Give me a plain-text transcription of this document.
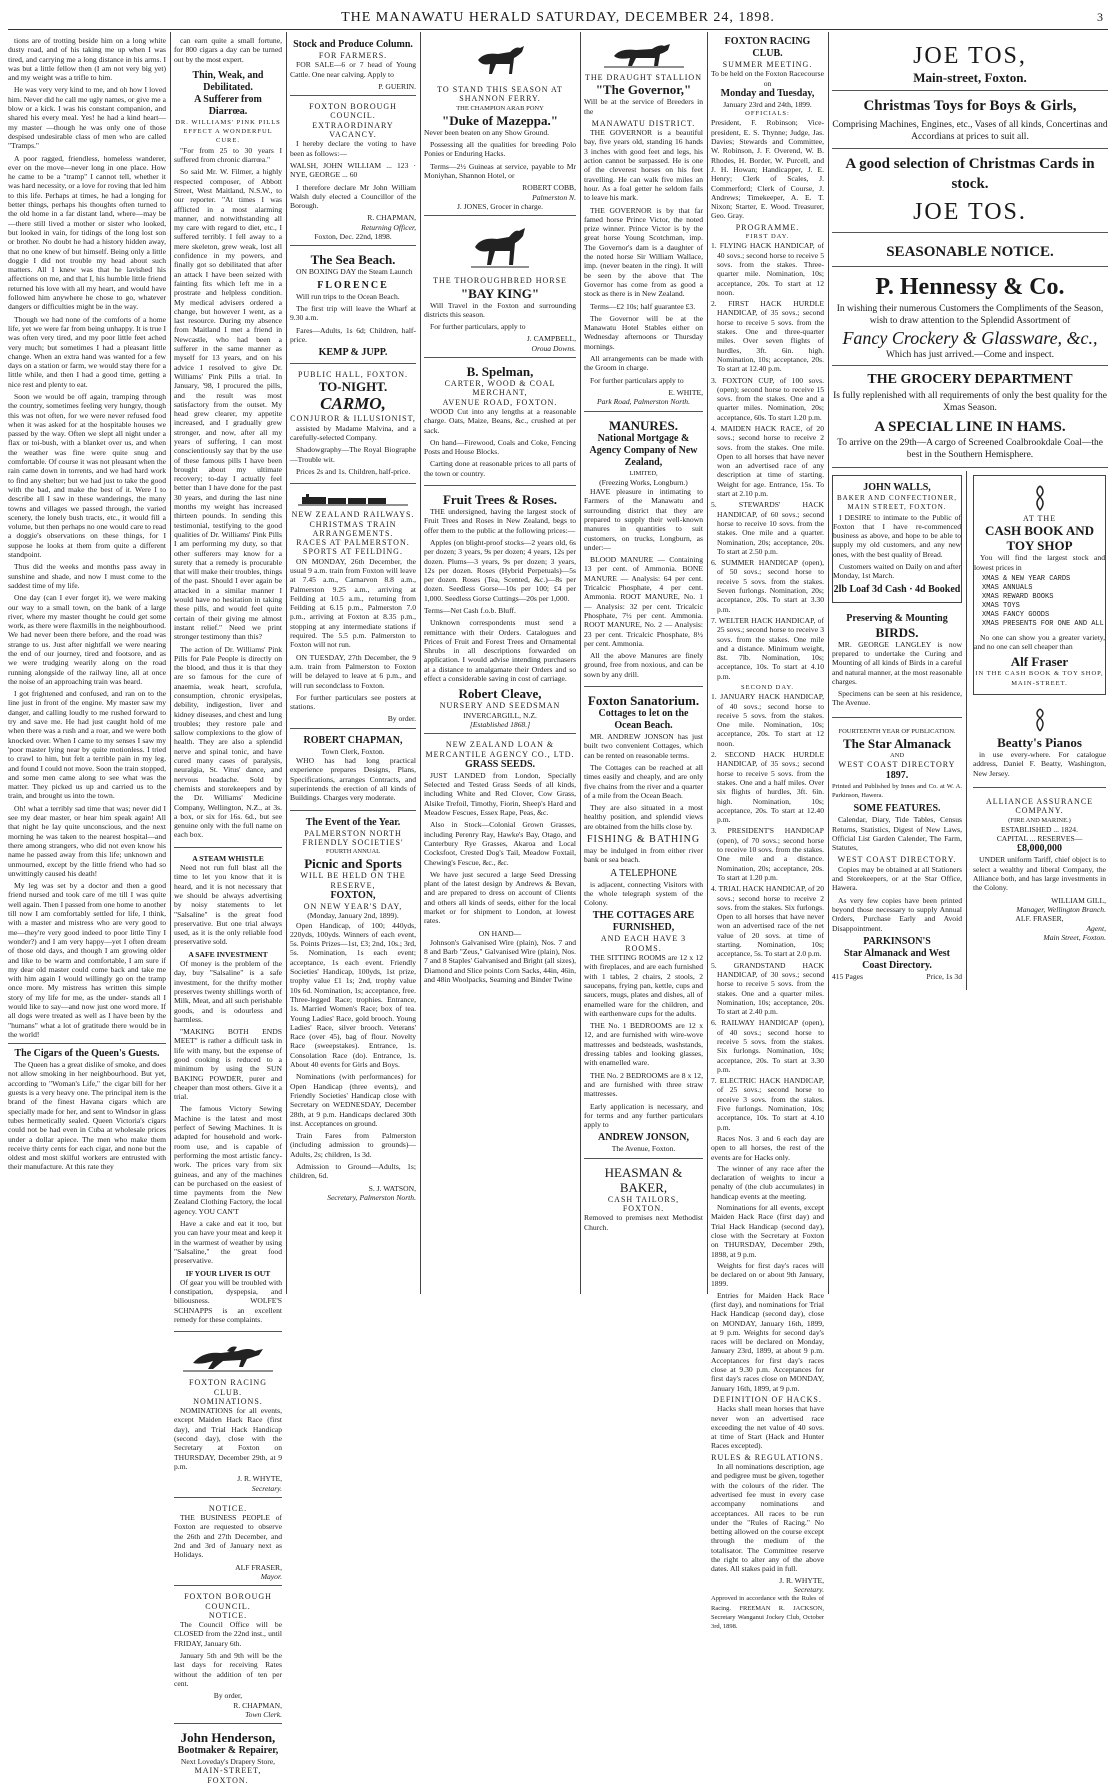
THE MANAWATU HERALD SATURDAY, DECEMBER 24, 1898.	3

tions are of trotting beside him on a long white dusty road, and of his taking me up when I was tired, and carrying me a long distance in his arms. I was but a little fellow then (I am not very big yet) and my weight was a trifle to him.

He was very very kind to me, and oh how I loved him. Never did he call me ugly names, or give me a blow or a kick. I was his constant companion, and shared his every meal. Yes! he had a kind heart—my master —though he was only one of those despised undesirable class of men who are called "Tramps."

A poor ragged, friendless, homeless wanderer, ever on the move—never long in one place. How he came to be a "tramp" I cannot tell, whether it was hard necessity, or a love for roving that led him to this life. Perhaps at times, he had a longing for better things, perhaps his thoughts often turned to the old home in a far distant land, where—may be—there still lived a mother or sister who looked, but looked in vain, for tidings of the long lost son or brother. No doubt he had a history hidden away, that no one knew of but himself. Being only a little doggie I did not trouble my head about such matters. All I knew was that he lavished his affections on me, and that I, his humble little friend returned his love with all my heart, and would have followed him anywhere he chose to go, whatever dangers or difficulties might be in the way.

Though we had none of the comforts of a home life, yet we were far from being unhappy. It is true I was often very tired, and my poor little feet ached very much; but sometimes I had a pleasant little change. When an extra hand was wanted for a few days on a station or farm, we would stay there for a little while, and then I had a good time, getting a nice rest and plenty to eat.

Soon we would be off again, tramping through the country, sometimes feeling very hungry, though this was not often, for we were never refused food when it was asked for at the hospitable houses we passed by the way. Often we slept all night under a flax or toi-bush, with a blanket over us, and when the weather was fine were quite snug and comfortable. Of course it was not pleasant when the rain came down in torrents, and we had hard work to find any shelter; but we had just to take the good with the bad, and make the best of it. Were I to describe all I saw in these wanderings, the many towns and villages we passed through, the varied scenery, the lonely bush tracts, etc., it would fill a volume, but then perhaps no one would care to read a doggie's observations on these things, for I suppose he looks at them from quite a different standpoint.

Thus did the weeks and months pass away in sunshine and shade, and now I must come to the saddest time of my life.

One day (can I ever forget it), we were making our way to a small town, on the bank of a large river, where my master thought he could get some work, as there were flaxmills in the neighbourhood. We had never been there before, and the road was strange to us. Just after nightfall we were nearing the end of our journey, tired and footsore, and as we were trudging wearily along on the road running alongside of the railway line, all at once the noise of an approaching train was heard.

I got frightened and confused, and ran on to the line just in front of the engine. My master saw my danger, and calling loudly to me rushed forward to try and save me. He had just caught hold of me when there was a rush and a roar, and we were both knocked over. When I came to my senses I saw my 'poor master lying near by quite motionless. I tried to crawl to him, but felt a terrible pain in my leg, and found I could not move. Soon the train stopped, and some men came along to see what was the matter. They picked us up and carried us to the train, and brought us into the town.

Oh! what a terribly sad time that was; never did I see my dear master, or hear him speak again! All that night he lay quite unconscious, and the next morning he was taken to the nearest hospital—and there among strangers, who did not even know his name he passed away from this life; unknown and unmourned, except by the little friend who had so unwittingly caused his death!

My leg was set by a doctor and then a good friend nursed and took care of me till I was quite well again. Then I passed from one home to another till now I am comfortably settled for life, I think, with a master and mistress who are very good to me—they're very good indeed to poor little Tiny I wonder?) and I am very happy—yet I often dream of those old days, and though I am growing older and like to be warm and comfortable, I am sure if my dear old master could come back and take me with him again I would willingly go on the tramp once more. My mistress has written this simple story of my life for me, as the under- stands all I would like to say—and now just one word more. If all dogs were treated as well as I have been by the "humans" what a lot of gratitude there would be in the world!

The Cigars of the Queen's Guests.

The Queen has a great dislike of smoke, and does not allow smoking in her neighbourhood. But yet, according to "Woman's Life," the cigar bill for her guests is a very heavy one. The principal item is the brand of the finest Havana cigars which are specially made for her, and sent to Windsor in glass tubes hermetically sealed. Queen Victoria's cigars could not be had even in Cuba at wholesale prices under a dollar apiece. The men who make them receive thirty cents for each cigar, and none but the oldest and most skilful workers are entrusted with their manufacture. At this rate they

can earn quite a small fortune, for 800 cigars a day can be turned out by the most expert.

Thin, Weak, and Debilitated.
A Sufferer from Diarrœa.
DR. WILLIAMS' PINK PILLS EFFECT A WONDERFUL CURE.

"For from 25 to 30 years I suffered from chronic diarrœa."

So said Mr. W. Filmer, a highly respected composer, of Abbott Street, West Maitland, N.S.W., to our reporter. "At times I was afflicted in a most alarming manner, and notwithstanding all my care with regard to diet, etc., I suffered terribly. I fell away to a mere skeleton, grew weak, lost all confidence in my powers, and finally got so debilitated that after an attack I have been seized with fainting fits which left me in a prostrate and helpless condition. My medical advisers ordered a change, but however I went, as a last resource. During my absence from Maitland I met a friend in Newcastle, who had been a sufferer in the same manner as myself for 13 years, and on his advice I resolved to give Dr. Williams' Pink Pills a trial. In January, '98, I procured the pills, and the result was most satisfactory from the outset. My head grew clearer, my appetite increased, and I gradually grew stronger, and now, after all my years of suffering, I can most conscientiously say that by the use of these famous pills I have been brought about my ultimate recovery; to-day I actually feel better than I have done for the past 30 years, and during the last nine months my weight has increased thirteen pounds. In sending this testimonial, testifying to the good qualities of Dr. Williams' Pink Pills I am performing my duty, so that other sufferers may know for a surety that a remedy is procurable that will make their troubles, things of the past. Should I ever again be attacked in a similar manner I would have no hesitation in taking these pills, and would feel quite certain of their giving me almost instant relief." Need we print stronger testimony than this?

The action of Dr. Williams' Pink Pills for Pale People is directly on the blood, and thus it is that they are so famous for the cure of anaemia, weak heart, scrofula, consumption, chronic erysipelas, debility, indigestion, liver and kidney diseases, and chest and lung troubles; they restore pale and sallow complexions to the glow of health. They are also a splendid nerve and spinal tonic, and have cured many cases of paralysis, neuralgia, St. Vitus' dance, and nervous headache. Sold by chemists and storekeepers and by the Dr. Williams' Medicine Company, Wellington, N.Z., at 3s. a box, or six for 16s. 6d., but see genuine only with the full name on each box.

A STEAM WHISTLE

Need not run full blast all the time to let you know that it is heard, and it is not necessary that we should be always advertising by noisy statements to let "Salsaline" is the great food preservative. But one trial always used, as it is the only reliable food preservative sold.

A SAFE INVESTMENT

Of money is the problem of the day, buy "Salsaline" is a safe investment, for the thrifty mother preserves twenty shillings worth of Milk, Meat, and all such perishable goods, and is odourless and harmless.

"MAKING BOTH ENDS MEET" is rather a difficult task in life with many, but the expense of good cooking is reduced to a minimum by using the SUN BAKING POWDER, purer and cheaper than most others. Give it a trial.

The famous Victory Sewing Machine is the latest and most perfect of Sewing Machines. It is adapted for household and work-room use, and is capable of performing the most artistic fancy-work. The prices vary from six guineas, and any of the machines can be purchased on the easiest of time payments from the New Zealand Clothing Factory, the local agency. YOU CAN'T

Have a cake and eat it too, but you can have your meat and keep it in the warmest of weather by using "Salsaline," the great food preservative.

IF YOUR LIVER IS OUT

Of gear you will be troubled with constipation, dyspepsia, and biliousness. WOLFE'S SCHNAPPS is an excellent remedy for these complaints.

FOXTON RACING CLUB.
NOMINATIONS.

NOMINATIONS for all events, except Maiden Hack Race (first day), and Trial Hack Handicap (second day), close with the Secretary at Foxton on THURSDAY, December 29th, at 9 p.m.

J. R. WHYTE,
Secretary.
NOTICE.

THE BUSINESS PEOPLE of Foxton are requested to observe the 26th and 27th December, and 2nd and 3rd of January next as Holidays.

ALF FRASER,
Mayor.
FOXTON BOROUGH COUNCIL.
NOTICE.

The Council Office will be CLOSED from the 22nd inst., until FRIDAY, January 6th.

January 5th and 9th will be the last days for receiving Rates without the addition of ten per cent.

By order,
R. CHAPMAN,
Town Clerk.
John Henderson,
Bootmaker & Repairer,
Next Loveday's Drapery Store,
MAIN-STREET, FOXTON.
Stock and Produce Column.
FOR FARMERS.

FOR SALE—6 or 7 head of Young Cattle. One near calving. Apply to

P. GUERIN.
FOXTON BOROUGH COUNCIL.
EXTRAORDINARY VACANCY.

I hereby declare the voting to have been as follows:—

WALSH, JOHN WILLIAM ... 123 · NYE, GEORGE ... 60

I therefore declare Mr John William Walsh duly elected a Councillor of the Borough.

R. CHAPMAN,
Returning Officer,
Foxton, Dec. 22nd, 1898.
The Sea Beach.

ON BOXING DAY the Steam Launch

FLORENCE

Will run trips to the Ocean Beach.

The first trip will leave the Wharf at 9.30 a.m.

Fares—Adults, 1s 6d; Children, half-price.

KEMP & JUPP.
PUBLIC HALL, FOXTON.
TO-NIGHT.
CARMO,
CONJUROR & ILLUSIONIST,

assisted by Madame Malvina, and a carefully-selected Company.

Shadowgraphy—The Royal Biographe —Trouble wit.

Prices 2s and 1s. Children, half-price.

NEW ZEALAND RAILWAYS.
CHRISTMAS TRAIN ARRANGEMENTS.
RACES AT PALMERSTON.
SPORTS AT FEILDING.

ON MONDAY, 26th December, the usual 9 a.m. train from Foxton will leave at 7.45 a.m., Carnarvon 8.8 a.m., Palmerston 9.25 a.m., arriving at Feilding at 10.5 a.m., returning from Feilding at 6.15 p.m., Palmerston 7.0 p.m., arriving at Foxton at 8.35 p.m., stopping at any intermediate stations if required. The 5.5 p.m. Palmerston to Foxton will not run.

ON TUESDAY, 27th December, the 9 a.m. train from Palmerston to Foxton will be delayed to leave at 6 p.m., and will run secondclass to Foxton.

For further particulars see posters at stations.

By order.
ROBERT CHAPMAN,
Town Clerk, Foxton.

WHO has had long practical experience prepares Designs, Plans, Specifications, arranges Contracts, and superintends the erection of all kinds of Buildings. Charges very moderate.

The Event of the Year.
PALMERSTON NORTH FRIENDLY SOCIETIES'
FOURTH ANNUAL
Picnic and Sports
WILL BE HELD ON THE RESERVE,
FOXTON,
ON NEW YEAR'S DAY,
(Monday, January 2nd, 1899).

Open Handicap, of 100; 440yds, 220yds, 100yds. Winners of each event, 5s. Points Prizes—1st, £3; 2nd, 10s.; 3rd, 5s. Nomination, 1s each event; acceptance, 1s each event. Friendly Societies' Handicap, 100yds, 1st prize, trophy value £1 1s; 2nd, trophy value 10s 6d. Nomination, 1s; acceptance, free. Three-legged Race; trophies. Entrance, 1s. Married Women's Race; box of tea. Young Ladies' Race, gold brooch. Young Ladies' Race, silver brooch. Veterans' Race (over 45), bag of flour. Novelty Race (sweepstakes). Entrance, 1s. Consolation Race (do). Entrance, 1s. About 40 events for Girls and Boys.

Nominations (with performances) for Open Handicap (three events), and Friendly Societies' Handicap close with Secretary on WEDNESDAY, December 28th, at 9 p.m. Handicaps declared 30th inst. Acceptances on ground.

Train Fares from Palmerston (including admission to grounds)—Adults, 2s; children, 1s 3d.

Admission to Ground—Adults, 1s; children, 6d.

S. J. WATSON,
Secretary, Palmerston North.
TO STAND THIS SEASON AT SHANNON FERRY.
THE CHAMPION ARAB PONY
"Duke of Mazeppa."

Never been beaten on any Show Ground.

Possessing all the qualities for breeding Polo Ponies or Enduring Hacks.

Terms—2½ Guineas at service, payable to Mr Moniyhan, Shannon Hotel, or

ROBERT COBB,
Palmerston N.
J. JONES, Grocer in charge.
THE THOROUGHBRED HORSE
"BAY KING"

Will Travel in the Foxton and surrounding districts this season.

For further particulars, apply to

J. CAMPBELL,
Oroua Downs.
B. Spelman,
CARTER, WOOD & COAL MERCHANT,
AVENUE ROAD, FOXTON.

WOOD Cut into any lengths at a reasonable charge. Oats, Maize, Beans, &c., crushed at per sack.

On hand—Firewood, Coals and Coke, Fencing Posts and House Blocks.

Carting done at reasonable prices to all parts of the town or country.

Fruit Trees & Roses.

THE undersigned, having the largest stock of Fruit Trees and Roses in New Zealand, begs to offer them to the public at the following prices:—

Apples (on blight-proof stocks—2 years old, 6s per dozen; 3 years, 9s per dozen; 4 years, 12s per dozen. Plums—3 years, 9s per dozen; 3 years, 12s per dozen. Roses (Hybrid Perpetuals)—5s per dozen. Roses (Tea, Scented, &c.)—8s per dozen. Seedless Gorse—10s per 100; £4 per 1,000. Seedless Gorse Cuttings—20s per 1,000.

Terms—Net Cash f.o.b. Bluff.

Unknown correspondents must send a remittance with their Orders. Catalogues and Prices of Fruit and Forest Trees and Ornamental Shrubs in all descriptions forwarded on application. I would advise intending purchasers at a distance to amalgamate their Orders and so effect a considerable saving in cost of carriage.

Robert Cleave,
NURSERY AND SEEDSMAN
INVERCARGILL, N.Z.
[Established 1868.]
NEW ZEALAND LOAN & MERCANTILE AGENCY CO., LTD.
GRASS SEEDS.

JUST LANDED from London, Specially Selected and Tested Grass Seeds of all kinds, including White and Red Clover, Cow Grass, Alsike Trefoil, Timothy, Fiorin, Sheep's Hard and Meadow Fescues, Essex Rape, Peas, &c.

Also in Stock—Colonial Grown Grasses, including Perenry Ray, Hawke's Bay, Otago, and Canterbury Rye Grasses, Akaroa and Local Cocksfoot, Crested Dog's Tail, Meadow Foxtail, Chewing's Fescue, &c., &c.

We have just secured a large Seed Dressing plant of the latest design by Andrews & Bevan, and are prepared to dress on account of Clients and others all kinds of seeds, either for the local market or for shipment to London, at lowest rates.

ON HAND—

Johnson's Galvanised Wire (plain), Nos. 7 and 8 and Barb "Zeus," Galvanised Wire (plain), Nos. 7 and 8 Staples' Galvanised and Bright (all sizes), Diamond and Slice points Corn Sacks, 44in, 46in, and 48in Woolpacks, Seaming and Binder Twine

THE DRAUGHT STALLION
"The Governor,"

Will be at the service of Breeders in the

MANAWATU DISTRICT.

THE GOVERNOR is a beautiful bay, five years old, standing 16 hands 3 inches with good feet and legs, his action cannot be surpassed. He is one of the cleverest horses on his feet travelling. He can walk five miles an hour. As a foal getter he seldom fails to leave his mark.

THE GOVERNOR is by that far famed horse Prince Victor, the noted prize winner. Prince Victor is by the great horse Young Scotchman, imp. The Governor's dam is a daughter of the noted horse Sir William Wallace, imp. (never beaten in the ring). It will be seen by the above that The Governor has come from as good a stock as there is in New Zealand.

Terms—£2 10s; half guarantee £3.

The Governor will be at the Manawatu Hotel Stables either on Wednesday afternoons or Thursday mornings.

All arrangements can be made with the Groom in charge.

For further particulars apply to

E. WHITE,
Park Road, Palmerston North.
MANURES.
National Mortgage & Agency Company of New Zealand,
LIMITED,
(Freezing Works, Longburn.)

HAVE pleasure in intimating to Farmers of the Manawatu and surrounding district that they are prepared to supply their well-known manures in quantities to suit customers, on trucks, Longburn, as under:—

BLOOD MANURE — Containing 13 per cent. of Ammonia. BONE MANURE — Analysis: 64 per cent. Tricalcic Phosphate, 4 per cent. Ammonia. ROOT MANURE, No. 1 — Analysis: 32 per cent. Tricalcic Phosphate, 7½ per cent. Ammonia. ROOT MANURE, No. 2 — Analysis: 23 per cent. Tricalcic Phosphate, 8½ per cent. Ammonia.

All the above Manures are finely ground, free from noxious, and can be sown by any drill.

Foxton Sanatorium.
Cottages to let on the Ocean Beach.

MR. ANDREW JONSON has just built two convenient Cottages, which can be rented on reasonable terms.

The Cottages can be reached at all times easily and cheaply, and are only five chains from the river and a quarter of a mile from the Ocean Beach.

They are also situated in a most healthy position, and splendid views are obtained from the hills close by.

FISHING & BATHING

may be indulged in from either river bank or sea beach.

A TELEPHONE

is adjacent, connecting Visitors with the whole telegraph system of the Colony.

THE COTTAGES ARE FURNISHED,
AND EACH HAVE 3 ROOMS.

THE SITTING ROOMS are 12 x 12 with fireplaces, and are each furnished with 1 tables, 2 chairs, 2 stools, 2 saucepans, frying pan, kettle, cups and saucers, mugs, plates and dishes, all of enamelled ware for the children, and with earthenware cups for the adults.

THE No. 1 BEDROOMS are 12 x 12, and are furnished with wire-wove mattresses and bedsteads, washstands, dressing tables and looking glasses, with enamelled ware.

THE No. 2 BEDROOMS are 8 x 12, and are furnished with three straw mattresses.

Early application is necessary, and for terms and any further particulars apply to

ANDREW JONSON,
The Avenue, Foxton.
HEASMAN & BAKER,
CASH TAILORS,
FOXTON.

Removed to premises next Methodist Church.

FOXTON RACING CLUB.
SUMMER MEETING.
To be held on the Foxton Racecourse on
Monday and Tuesday,
January 23rd and 24th, 1899.
OFFICIALS:

President, F. Robinson; Vice-president, E. S. Thynne; Judge, Jas. Davies; Stewards and Committee, W. Robinson, J. F. Overend, W. B. Rhodes, H. Border, W. Purcell, and J. H. Howan; Handicapper, J. E. Henry; Clerk of Scales, J. Commerford; Clerk of Course, J. Andrews; Timekeeper, A. E. T. Nixon; Starter, E. Wood. Treasurer, Geo. Gray.

PROGRAMME.
FIRST DAY.

1. FLYING HACK HANDICAP, of 40 sovs.; second horse to receive 5 sovs. from the stakes. Three-quarter mile. Nomination, 10s; acceptance, 20s. To start at 12 noon.

2. FIRST HACK HURDLE HANDICAP, of 35 sovs.; second horse to receive 5 sovs. from the stakes. One and three-quarter miles. Over seven flights of hurdles, 3ft. 6in. high. Nomination, 10s; acceptance, 20s. To start at 12.40 p.m.

3. FOXTON CUP, of 100 sovs. (open); second horse to receive 15 sovs. from the stakes. One and a quarter miles. Nomination, 20s; acceptance, 60s. To start 1.20 p.m.

4. MAIDEN HACK RACE, of 20 sovs.; second horse to receive 2 sovs. from the stakes. One mile. Open to all horses that have never won an advertised race of any description at time of starting. Weight for age. Entrance, 15s. To start at 2.10 p.m.

5. STEWARDS' HACK HANDICAP, of 60 sovs.; second horse to receive 10 sovs. from the stakes. One mile and a quarter. Nomination, 20s; acceptance, 20s. To start at 2.50 p.m.

6. SUMMER HANDICAP (open), of 50 sovs.; second horse to receive 5 sovs. from the stakes. Seven furlongs. Nomination, 20s; acceptance, 20s. To start at 3.30 p.m.

7. WELTER HACK HANDICAP, of 25 sovs.; second horse to receive 3 sovs. from the stakes. One mile and a distance. Minimum weight, 8st. 7lb. Nomination, 10s; acceptance, 10s. To start at 4.10 p.m.

SECOND DAY.

1. JANUARY HACK HANDICAP, of 40 sovs.; second horse to receive 5 sovs. from the stakes. One mile. Nomination, 10s; acceptance, 20s. To start at 12 noon.

2. SECOND HACK HURDLE HANDICAP, of 35 sovs.; second horse to receive 5 sovs. from the stakes. One and a half miles. Over six flights of hurdles, 3ft. 6in. high. Nomination, 10s; acceptance, 20s. To start at 12.40 p.m.

3. PRESIDENT'S HANDICAP (open), of 70 sovs.; second horse to receive 10 sovs. from the stakes. One mile and a distance. Nomination, 20s; acceptance, 20s. To start at 1.20 p.m.

4. TRIAL HACK HANDICAP, of 20 sovs.; second horse to receive 2 sovs. from the stakes. Six furlongs. Open to all horses that have never won an advertised race of the net value of 20 sovs. at time of starting. Nomination, 10s; acceptance, 5s. To start at 2.0 p.m.

5. GRANDSTAND HACK HANDICAP, of 30 sovs.; second horse to receive 5 sovs. from the stakes. One and a quarter miles. Nomination, 10s; acceptance, 20s. To start at 2.40 p.m.

6. RAILWAY HANDICAP (open), of 40 sovs.; second horse to receive 5 sovs. from the stakes. Six furlongs. Nomination, 10s; acceptance, 20s. To start at 3.30 p.m.

7. ELECTRIC HACK HANDICAP, of 25 sovs.; second horse to receive 3 sovs. from the stakes. Five furlongs. Nomination, 10s; acceptance, 10s. To start at 4.10 p.m.

Races Nos. 3 and 6 each day are open to all horses, the rest of the events are for Hacks only.

The winner of any race after the declaration of weights to incur a penalty of (the club accumulates) in handicap events at the meeting.

Nominations for all events, except Maiden Hack Race (first day) and Trial Hack Handicap (second day), close with the Secretary at Foxton on THURSDAY, December 29th, 1898, at 9 p.m.

Weights for first day's races will be declared on or about 9th January, 1899.

Entries for Maiden Hack Race (first day), and nominations for Trial Hack Handicap (second day), close on MONDAY, January 16th, 1899, at 9 p.m. Weights for second day's races will be declared on Monday, January 23rd, 1899, at about 9 p.m. Acceptances for first day's races close at 9.30 p.m. Acceptances for first day's races close on MONDAY, January 16th, 1899, at 9 p.m.

DEFINITION OF HACKS.

Hacks shall mean horses that have never won an advertised race exceeding the net value of 40 sovs. at time of Start (Hack and Hunter Races excepted).

RULES & REGULATIONS.

In all nominations description, age and pedigree must be given, together with the colours of the rider. The advertised fee must in every case accompany nominations and acceptances. All races to be run under the "Rules of Racing." No betting allowed on the course except through the medium of the totalisator. The Committee reserve the right to alter any of the above dates. All stakes paid in full.

J. R. WHYTE,
Secretary.

Approved in accordance with the Rules of Racing. FREEMAN R. JACKSON, Secretary Wanganui Jockey Club, October 3rd, 1898.

JOE TOS,
Main-street, Foxton.
Christmas Toys for Boys & Girls,
Comprising Machines, Engines, etc., Vases of all kinds, Concertinas and Accordians at prices to suit all.
A good selection of Christmas Cards in stock.
JOE TOS.
SEASONABLE NOTICE.
P. Hennessy & Co.
In wishing their numerous Customers the Compliments of the Season, wish to draw attention to the Splendid Assortment of
Fancy Crockery & Glassware, &c.,
Which has just arrived.—Come and inspect.
THE GROCERY DEPARTMENT
Is fully replenished with all requirements of only the best quality for the Xmas Season.
A SPECIAL LINE IN HAMS.
To arrive on the 29th—A cargo of Screened Coalbrookdale Coal—the best in the Southern Hemisphere.
JOHN WALLS,
BAKER AND CONFECTIONER,
MAIN STREET, FOXTON.

I DESIRE to intimate to the Public of Foxton that I have re-commenced business as above, and hope to be able to supply my old customers, and any new ones, with the best quality of Bread.

Customers waited on Daily on and after Monday, 1st March.

2lb Loaf 3d Cash · 4d Booked
Preserving & Mounting
BIRDS.

MR. GEORGE LANGLEY is now prepared to undertake the Curing and Mounting of all kinds of Birds in a careful and natural manner, at the most reasonable charges.

Specimens can be seen at his residence, The Avenue.

FOURTEENTH YEAR OF PUBLICATION.
The Star Almanack
AND
WEST COAST DIRECTORY
1897.

Printed and Published by Innes and Co. at W. A. Parkinson, Hawera.

SOME FEATURES.

Calendar, Diary, Tide Tables, Census Returns, Statistics, Digest of New Laws, Official List Garden Calender, The Farm, Statutes,

WEST COAST DIRECTORY.

Copies may be obtained at all Stationers and Storekeepers, or at the Star Office, Hawera.

As very few copies have been printed beyond those necessary to supply Annual Orders, Purchase Early and Avoid Disappointment.

PARKINSON'S
Star Almanack and West Coast Directory.
415 Pages	Price, 1s 3d
AT THE
CASH BOOK AND TOY SHOP

You will find the largest stock and lowest prices in

XMAS & NEW YEAR CARDS
XMAS ANNUALS
XMAS REWARD BOOKS
XMAS TOYS
XMAS FANCY GOODS
XMAS PRESENTS FOR ONE AND ALL

No one can show you a greater variety, and no one can sell cheaper than

Alf Fraser
IN THE CASH BOOK & TOY SHOP, MAIN-STREET.
Beatty's Pianos

in use every-where. For catalogue address, Daniel F. Beatty, Washington, New Jersey.

ALLIANCE ASSURANCE COMPANY.
(FIRE AND MARINE.)
ESTABLISHED ... 1824.
CAPITAL ... RESERVES—
£8,000,000

UNDER uniform Tariff, chief object is to select a wealthy and liberal Company, the Alliance both, and has large investments in the Colony.

WILLIAM GILL,
Manager, Wellington Branch.
ALF. FRASER,
Agent,
Main Street, Foxton.
